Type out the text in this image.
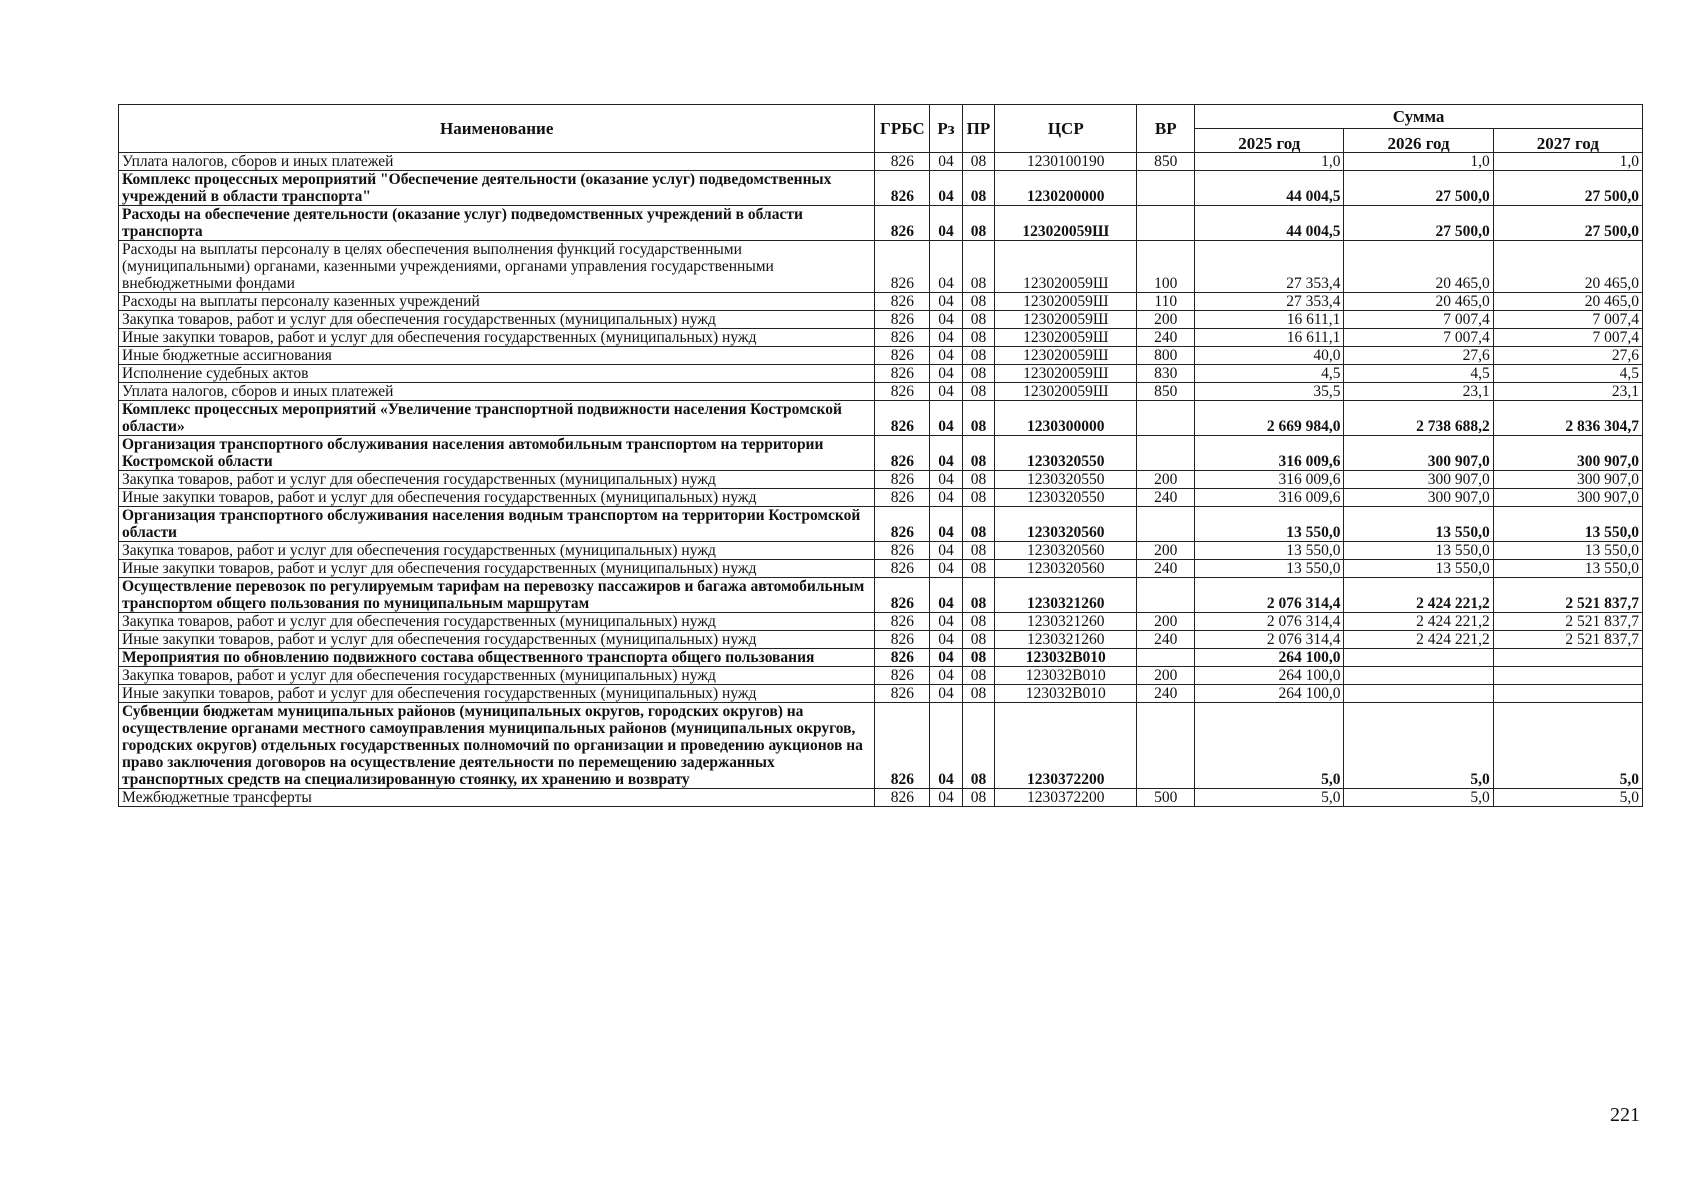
Наименование	ГРБС	Рз	ПР	ЦСР	ВР	Сумма		
						2025 год	2026 год	2027 год
Уплата налогов, сборов и иных платежей	826	04	08	1230100190	850	1,0	1,0	1,0
Комплекс процессных мероприятий "Обеспечение деятельности (оказание услуг) подведомственных учреждений в области транспорта"	826	04	08	1230200000		44 004,5	27 500,0	27 500,0
Расходы на обеспечение деятельности (оказание услуг) подведомственных учреждений в области транспорта	826	04	08	123020059Ш		44 004,5	27 500,0	27 500,0
Расходы на выплаты персоналу в целях обеспечения выполнения функций государственными (муниципальными) органами, казенными учреждениями, органами управления государственными внебюджетными фондами	826	04	08	123020059Ш	100	27 353,4	20 465,0	20 465,0
Расходы на выплаты персоналу казенных учреждений	826	04	08	123020059Ш	110	27 353,4	20 465,0	20 465,0
Закупка товаров, работ и услуг для обеспечения государственных (муниципальных) нужд	826	04	08	123020059Ш	200	16 611,1	7 007,4	7 007,4
Иные закупки товаров, работ и услуг для обеспечения государственных (муниципальных) нужд	826	04	08	123020059Ш	240	16 611,1	7 007,4	7 007,4
Иные бюджетные ассигнования	826	04	08	123020059Ш	800	40,0	27,6	27,6
Исполнение судебных актов	826	04	08	123020059Ш	830	4,5	4,5	4,5
Уплата налогов, сборов и иных платежей	826	04	08	123020059Ш	850	35,5	23,1	23,1
Комплекс процессных мероприятий «Увеличение транспортной подвижности населения Костромской области»	826	04	08	1230300000		2 669 984,0	2 738 688,2	2 836 304,7
Организация транспортного обслуживания населения автомобильным транспортом на территории Костромской области	826	04	08	1230320550		316 009,6	300 907,0	300 907,0
Закупка товаров, работ и услуг для обеспечения государственных (муниципальных) нужд	826	04	08	1230320550	200	316 009,6	300 907,0	300 907,0
Иные закупки товаров, работ и услуг для обеспечения государственных (муниципальных) нужд	826	04	08	1230320550	240	316 009,6	300 907,0	300 907,0
Организация транспортного обслуживания населения водным транспортом на территории Костромской области	826	04	08	1230320560		13 550,0	13 550,0	13 550,0
Закупка товаров, работ и услуг для обеспечения государственных (муниципальных) нужд	826	04	08	1230320560	200	13 550,0	13 550,0	13 550,0
Иные закупки товаров, работ и услуг для обеспечения государственных (муниципальных) нужд	826	04	08	1230320560	240	13 550,0	13 550,0	13 550,0
Осуществление перевозок по регулируемым тарифам на перевозку пассажиров и багажа автомобильным транспортом общего пользования по муниципальным маршрутам	826	04	08	1230321260		2 076 314,4	2 424 221,2	2 521 837,7
Закупка товаров, работ и услуг для обеспечения государственных (муниципальных) нужд	826	04	08	1230321260	200	2 076 314,4	2 424 221,2	2 521 837,7
Иные закупки товаров, работ и услуг для обеспечения государственных (муниципальных) нужд	826	04	08	1230321260	240	2 076 314,4	2 424 221,2	2 521 837,7
Мероприятия по обновлению подвижного состава общественного транспорта общего пользования	826	04	08	123032В010		264 100,0		
Закупка товаров, работ и услуг для обеспечения государственных (муниципальных) нужд	826	04	08	123032В010	200	264 100,0		
Иные закупки товаров, работ и услуг для обеспечения государственных (муниципальных) нужд	826	04	08	123032В010	240	264 100,0		
Субвенции бюджетам муниципальных районов (муниципальных округов, городских округов) на осуществление органами местного самоуправления муниципальных районов (муниципальных округов, городских округов) отдельных государственных полномочий по организации и проведению аукционов на право заключения договоров на осуществление деятельности по перемещению задержанных транспортных средств на специализированную стоянку, их хранению и возврату	826	04	08	1230372200		5,0	5,0	5,0
Межбюджетные трансферты	826	04	08	1230372200	500	5,0	5,0	5,0
221
